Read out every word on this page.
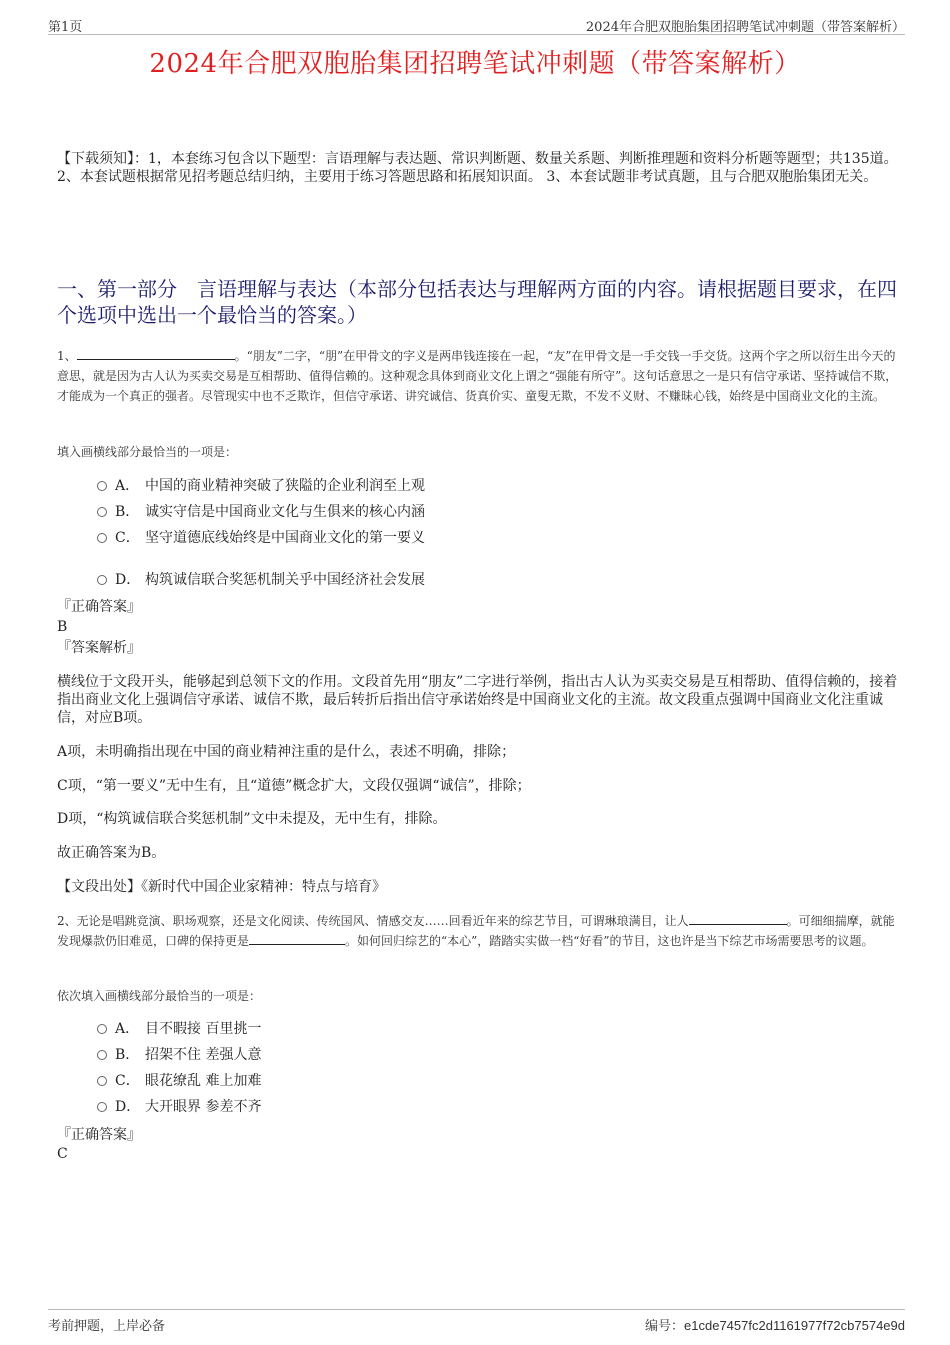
第1页	2024年合肥双胞胎集团招聘笔试冲刺题（带答案解析）
2024年合肥双胞胎集团招聘笔试冲刺题（带答案解析）
【下载须知】：1，本套练习包含以下题型：言语理解与表达题、常识判断题、数量关系题、判断推理题和资料分析题等题型；共135道。 2、本套试题根据常见招考题总结归纳，主要用于练习答题思路和拓展知识面。 3、本套试题非考试真题，且与合肥双胞胎集团无关。
一、第一部分　言语理解与表达（本部分包括表达与理解两方面的内容。请根据题目要求，在四个选项中选出一个最恰当的答案。）
1、	。“朋友”二字，“朋”在甲骨文的字义是两串钱连接在一起，“友”在甲骨文是一手交钱一手交货。这两个字之所以衍生出今天的意思，就是因为古人认为买卖交易是互相帮助、值得信赖的。这种观念具体到商业文化上谓之“强能有所守”。这句话意思之一是只有信守承诺、坚持诚信不欺，才能成为一个真正的强者。尽管现实中也不乏欺诈，但信守承诺、讲究诚信、货真价实、童叟无欺，不发不义财、不赚昧心钱，始终是中国商业文化的主流。
填入画横线部分最恰当的一项是：
A． 中国的商业精神突破了狭隘的企业利润至上观
B． 诚实守信是中国商业文化与生俱来的核心内涵
C． 坚守道德底线始终是中国商业文化的第一要义
D． 构筑诚信联合奖惩机制关乎中国经济社会发展
『正确答案』
B
『答案解析』
横线位于文段开头，能够起到总领下文的作用。文段首先用“朋友”二字进行举例，指出古人认为买卖交易是互相帮助、值得信赖的，接着指出商业文化上强调信守承诺、诚信不欺，最后转折后指出信守承诺始终是中国商业文化的主流。故文段重点强调中国商业文化注重诚信，对应B项。
A项，未明确指出现在中国的商业精神注重的是什么，表述不明确，排除；
C项，“第一要义”无中生有，且“道德”概念扩大，文段仅强调“诚信”，排除；
D项，“构筑诚信联合奖惩机制”文中未提及，无中生有，排除。
故正确答案为B。
【文段出处】《新时代中国企业家精神：特点与培育》
2、无论是唱跳竞演、职场观察，还是文化阅读、传统国风、情感交友……回看近年来的综艺节目，可谓琳琅满目，让人	。可细细揣摩，就能发现爆款仍旧难觅，口碑的保持更是	。如何回归综艺的“本心”，踏踏实实做一档“好看”的节目，这也许是当下综艺市场需要思考的议题。
依次填入画横线部分最恰当的一项是：
A． 目不暇接 百里挑一
B． 招架不住 差强人意
C． 眼花缭乱 难上加难
D． 大开眼界 参差不齐
『正确答案』
C
考前押题，上岸必备	编号：e1cde7457fc2d1161977f72cb7574e9d
